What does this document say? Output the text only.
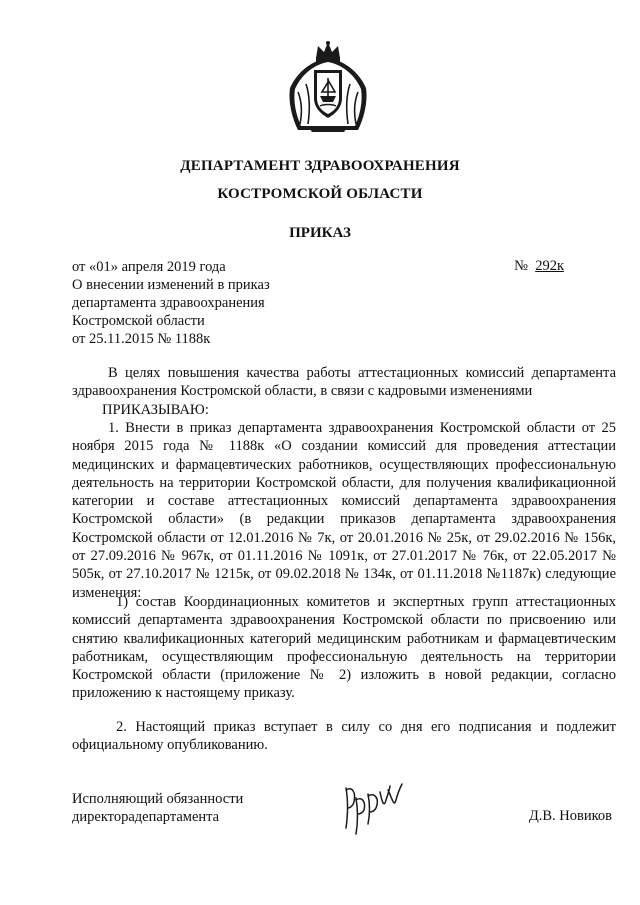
ДЕПАРТАМЕНТ ЗДРАВООХРАНЕНИЯ
КОСТРОМСКОЙ ОБЛАСТИ
ПРИКАЗ
от «01» апреля 2019 года
О внесении изменений в приказ
департамента здравоохранения
Костромской области
от 25.11.2015 № 1188к
№ 292к

В целях повышения качества работы аттестационных комиссий департамента здравоохранения Костромской области, в связи с кадровыми изменениями

ПРИКАЗЫВАЮ:

1. Внести в приказ департамента здравоохранения Костромской области от 25 ноября 2015 года № 1188к «О создании комиссий для проведения аттестации медицинских и фармацевтических работников, осуществляющих профессиональную деятельность на территории Костромской области, для получения квалификационной категории и составе аттестационных комиссий департамента здравоохранения Костромской области» (в редакции приказов департамента здравоохранения Костромской области от 12.01.2016 № 7к, от 20.01.2016 № 25к, от 29.02.2016 № 156к, от 27.09.2016 № 967к, от 01.11.2016 № 1091к, от 27.01.2017 № 76к, от 22.05.2017 № 505к, от 27.10.2017 № 1215к, от 09.02.2018 № 134к, от 01.11.2018 №1187к) следующие изменения:

1) состав Координационных комитетов и экспертных групп аттестационных комиссий департамента здравоохранения Костромской области по присвоению или снятию квалификационных категорий медицинским работникам и фармацевтическим работникам, осуществляющим профессиональную деятельность на территории Костромской области (приложение № 2) изложить в новой редакции, согласно приложению к настоящему приказу.

2. Настоящий приказ вступает в силу со дня его подписания и подлежит официальному опубликованию.

Исполняющий обязанности
директорадепартамента	Д.В. Новиков
